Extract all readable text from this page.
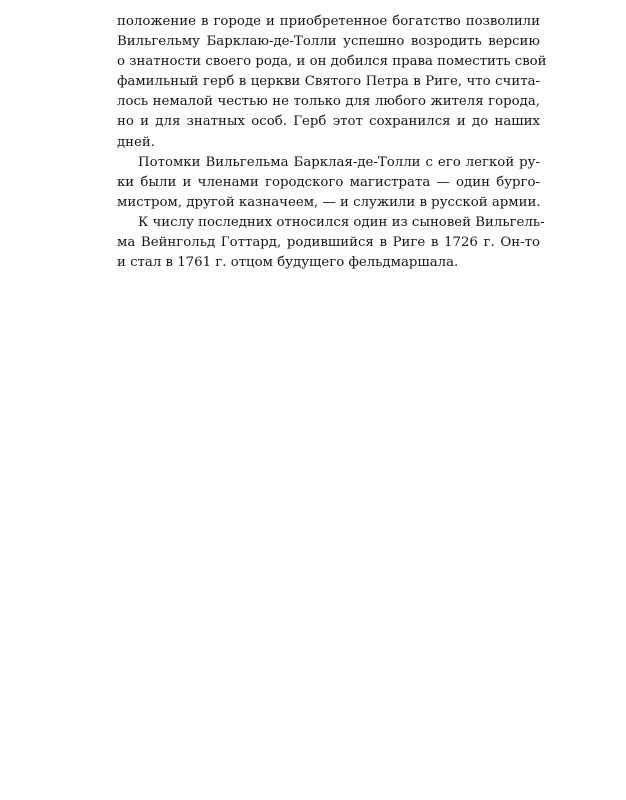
положение в городе и приобретенное богатство позволили
Вильгельму Барклаю-де-Толли успешно возродить версию
о знатности своего рода, и он добился права поместить свой
фамильный герб в церкви Святого Петра в Риге, что счита-
лось немалой честью не только для любого жителя города,
но и для знатных особ. Герб этот сохранился и до наших
дней.
Потомки Вильгельма Барклая-де-Толли с его легкой ру-
ки были и членами городского магистрата — один бурго-
мистром, другой казначеем, — и служили в русской армии.
К числу последних относился один из сыновей Вильгель-
ма Вейнгольд Готтард, родившийся в Риге в 1726 г. Он-то
и стал в 1761 г. отцом будущего фельдмаршала.
